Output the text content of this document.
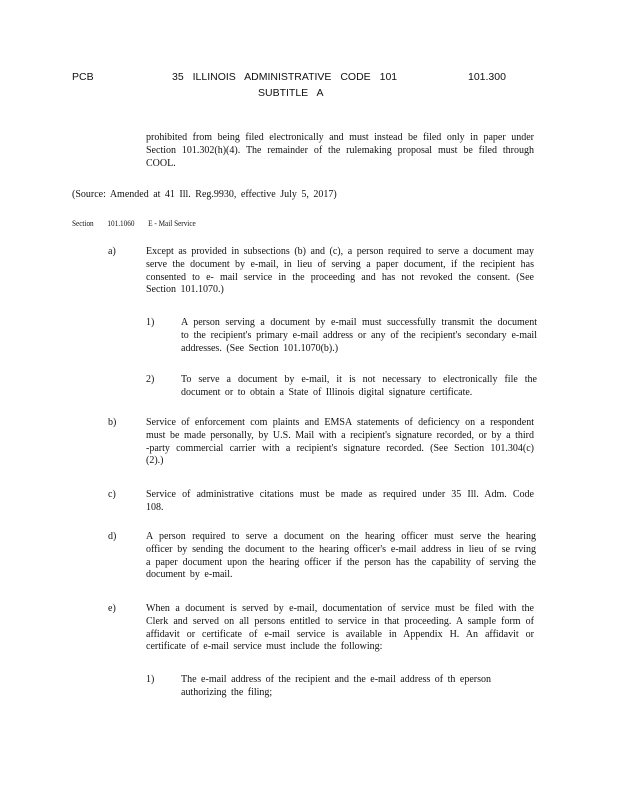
PCB	35 ILLINOIS ADMINISTRATIVE CODE 101
SUBTITLE A
101.300
prohibited from being filed electronically and must instead be filed only in paper under Section 101.302(h)(4). The remainder of the rulemaking proposal must be filed through COOL.
(Source: Amended at 41 Ill. Reg.9930, effective July 5, 2017)
Section 101.1060 E - Mail Service
a)	Except as provided in subsections (b) and (c), a person required to serve a document may serve the document by e-mail, in lieu of serving a paper document, if the recipient has consented to e- mail service in the proceeding and has not revoked the consent. (See Section 101.1070.)
1)	A person serving a document by e-mail must successfully transmit the document to the recipient's primary e-mail address or any of the recipient's secondary e-mail addresses. (See Section 101.1070(b).)
2)	To serve a document by e-mail, it is not necessary to electronically file the document or to obtain a State of Illinois digital signature certificate.
b)	Service of enforcement com plaints and EMSA statements of deficiency on a respondent must be made personally, by U.S. Mail with a recipient's signature recorded, or by a third -party commercial carrier with a recipient's signature recorded. (See Section 101.304(c)(2).)
c)	Service of administrative citations must be made as required under 35 Ill. Adm. Code 108.
d)	A person required to serve a document on the hearing officer must serve the hearing officer by sending the document to the hearing officer's e-mail address in lieu of se rving a paper document upon the hearing officer if the person has the capability of serving the document by e-mail.
e)	When a document is served by e-mail, documentation of service must be filed with the Clerk and served on all persons entitled to service in that proceeding. A sample form of affidavit or certificate of e-mail service is available in Appendix H. An affidavit or certificate of e-mail service must include the following:
1)	The e-mail address of the recipient and the e-mail address of th eperson authorizing the filing;
